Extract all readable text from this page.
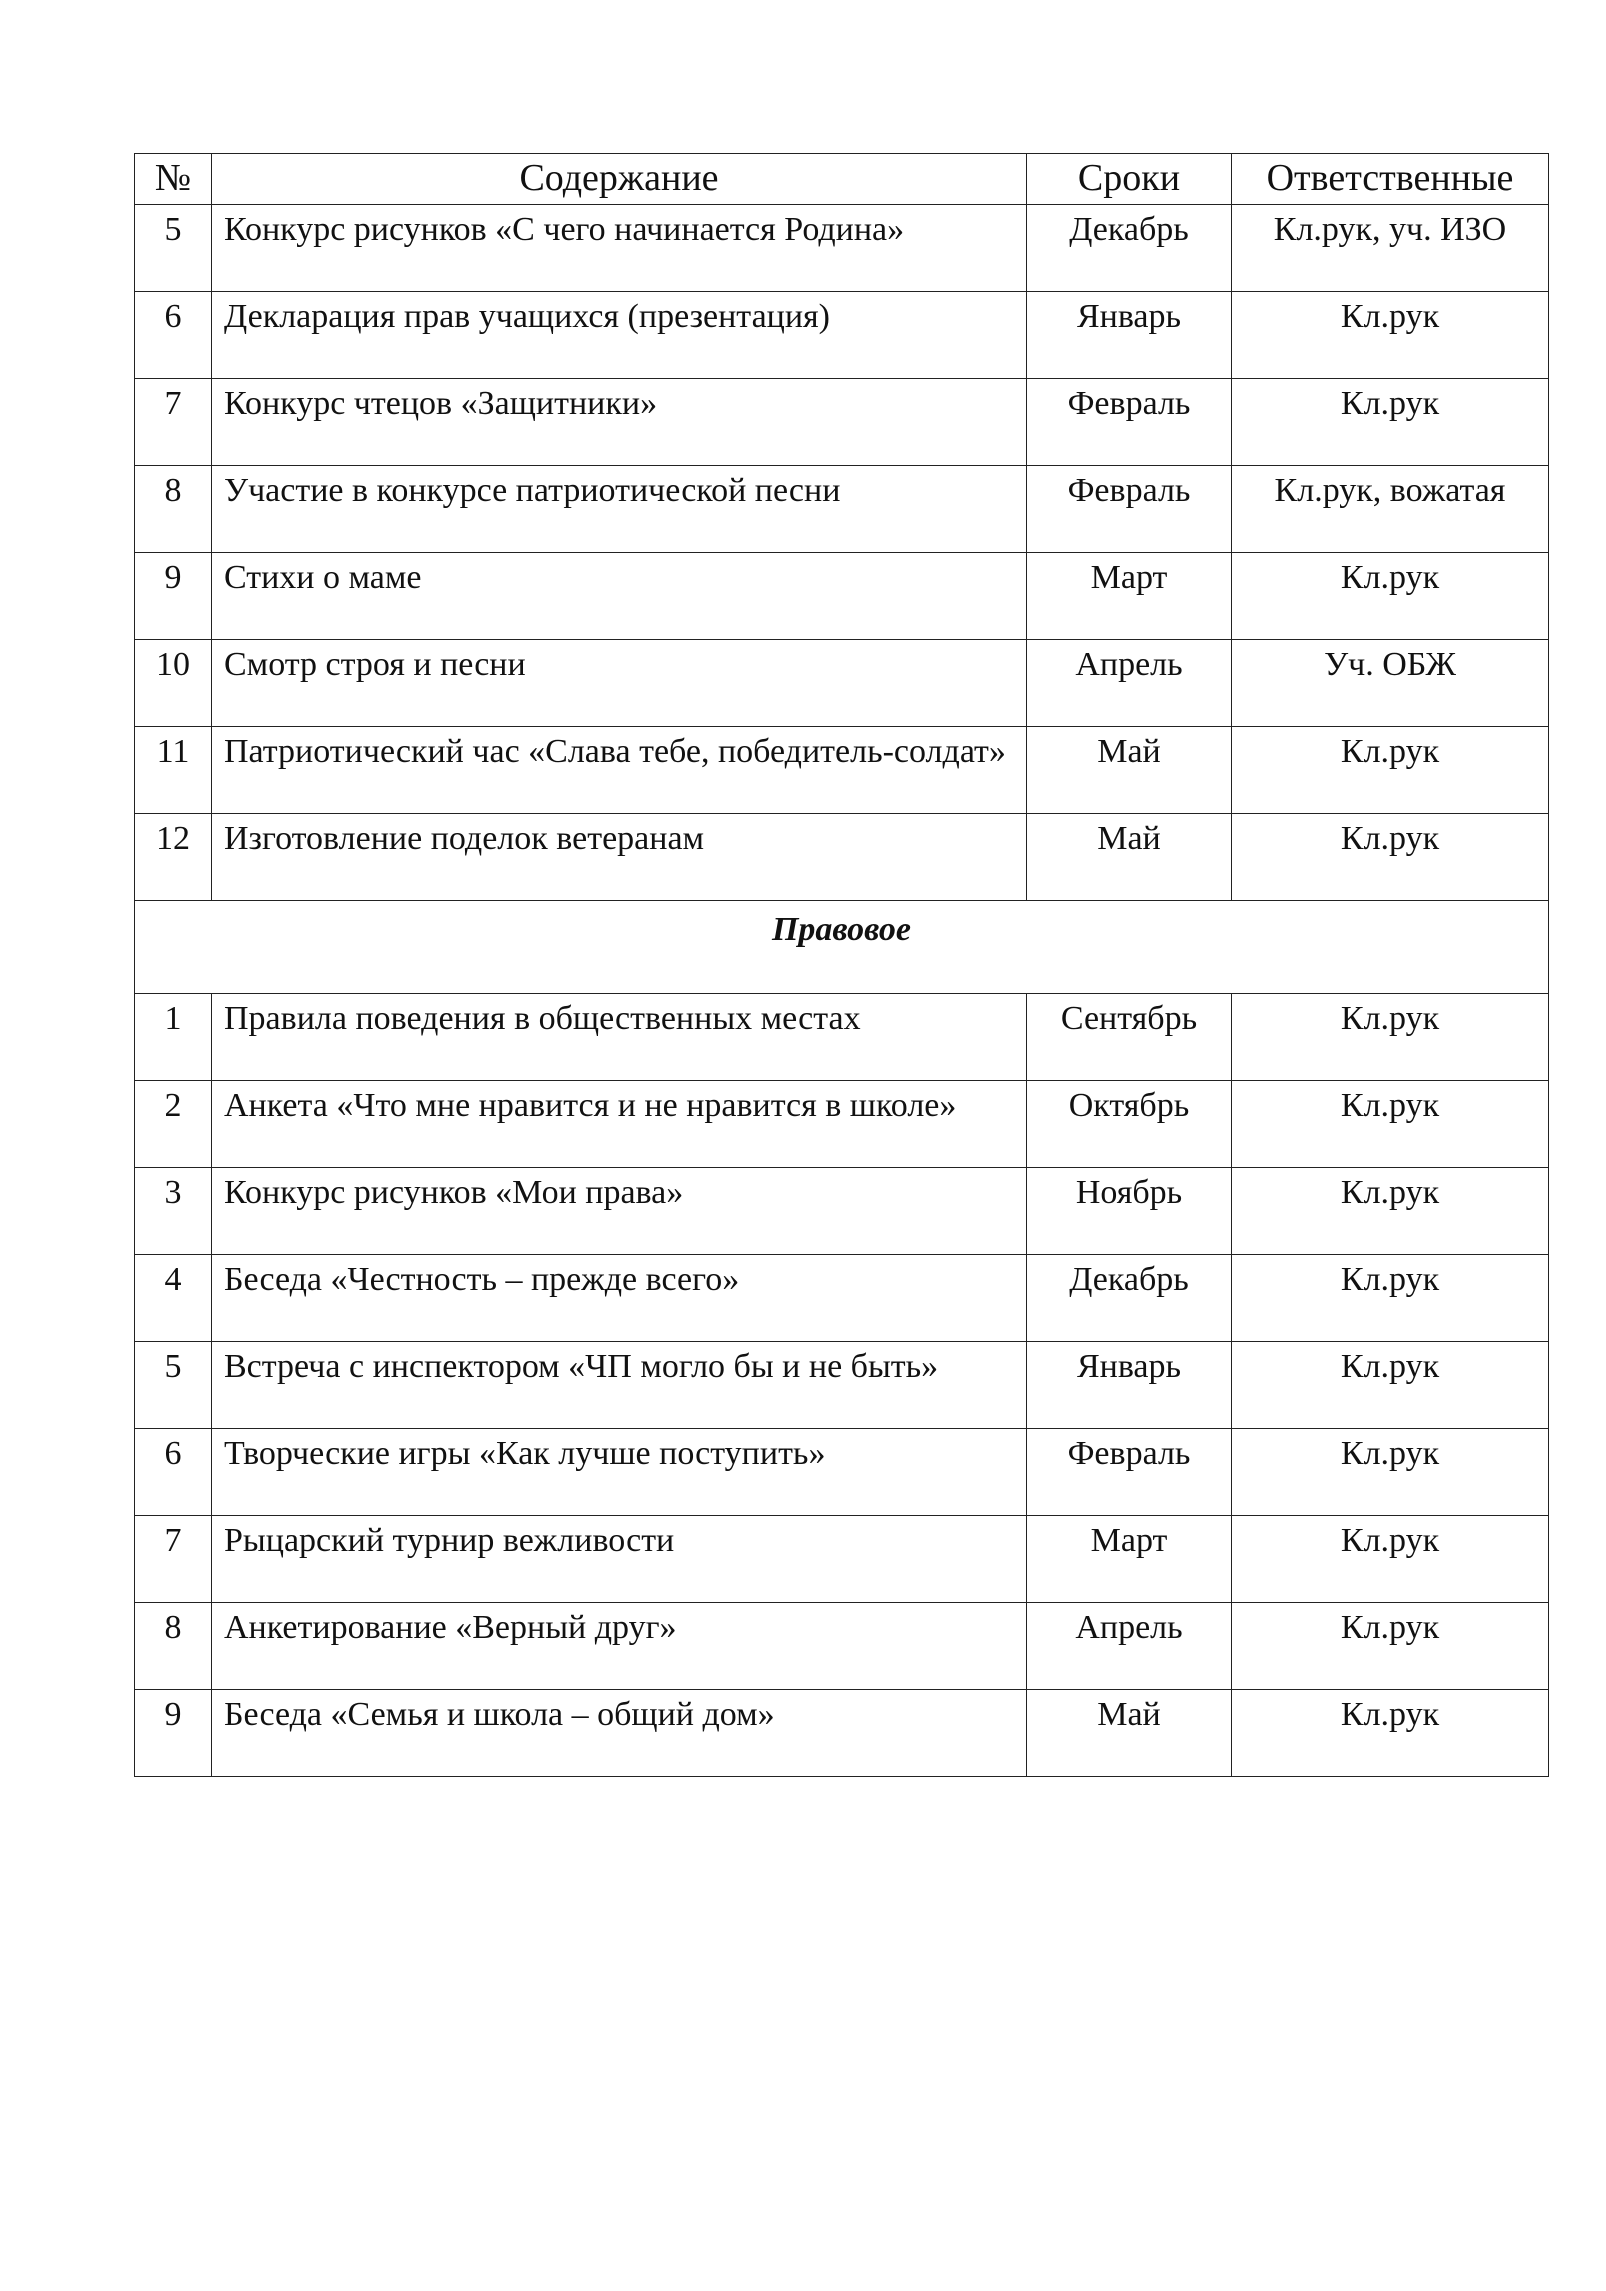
№	Содержание	Сроки	Ответственные
5	Конкурс рисунков «С чего начинается Родина»	Декабрь	Кл.рук, уч. ИЗО
6	Декларация прав учащихся (презентация)	Январь	Кл.рук
7	Конкурс чтецов «Защитники»	Февраль	Кл.рук
8	Участие в конкурсе патриотической песни	Февраль	Кл.рук, вожатая
9	Стихи о маме	Март	Кл.рук
10	Смотр строя и песни	Апрель	Уч. ОБЖ
11	Патриотический час «Слава тебе, победитель-солдат»	Май	Кл.рук
12	Изготовление поделок ветеранам	Май	Кл.рук
Правовое			
1	Правила поведения в общественных местах	Сентябрь	Кл.рук
2	Анкета «Что мне нравится и не нравится в школе»	Октябрь	Кл.рук
3	Конкурс рисунков «Мои права»	Ноябрь	Кл.рук
4	Беседа «Честность – прежде всего»	Декабрь	Кл.рук
5	Встреча с инспектором «ЧП могло бы и не быть»	Январь	Кл.рук
6	Творческие игры «Как лучше поступить»	Февраль	Кл.рук
7	Рыцарский турнир вежливости	Март	Кл.рук
8	Анкетирование «Верный друг»	Апрель	Кл.рук
9	Беседа «Семья и школа – общий дом»	Май	Кл.рук
